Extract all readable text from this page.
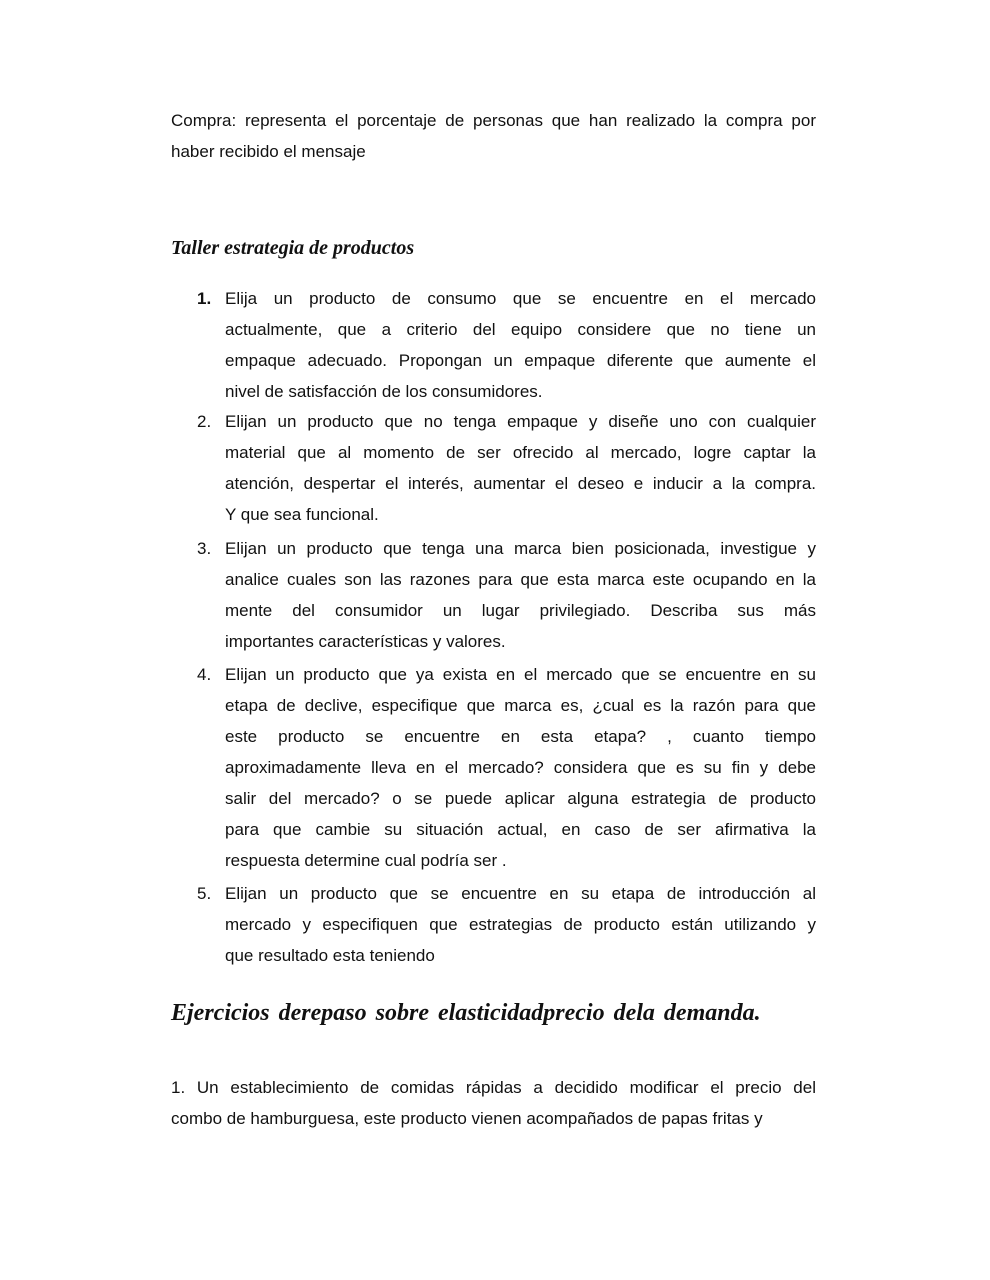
Compra: representa el porcentaje de personas que han realizado la compra por
haber recibido el mensaje
Taller estrategia de productos
1. Elija un producto de consumo que se encuentre en el mercado
actualmente, que a criterio del equipo considere que no tiene un
empaque adecuado. Propongan un empaque diferente que aumente el
nivel de satisfacción de los consumidores.
2. Elijan un producto que no tenga empaque y diseñe uno con cualquier
material que al momento de ser ofrecido al mercado, logre captar la
atención, despertar el interés, aumentar el deseo e inducir a la compra.
Y que sea funcional.
3. Elijan un producto que tenga una marca bien posicionada, investigue y
analice cuales son las razones para que esta marca este ocupando en la
mente del consumidor un lugar privilegiado. Describa sus más
importantes características y valores.
4. Elijan un producto que ya exista en el mercado que se encuentre en su
etapa de declive, especifique que marca es, ¿cual es la razón para que
este producto se encuentre en esta etapa? , cuanto tiempo
aproximadamente lleva en el mercado? considera que es su fin y debe
salir del mercado? o se puede aplicar alguna estrategia de producto
para que cambie su situación actual, en caso de ser afirmativa la
respuesta determine cual podría ser .
5. Elijan un producto que se encuentre en su etapa de introducción al
mercado y especifiquen que estrategias de producto están utilizando y
que resultado esta teniendo
Ejercicios derepaso sobre elasticidadprecio dela demanda.
1. Un establecimiento de comidas rápidas a decidido modificar el precio del
combo de hamburguesa, este producto vienen acompañados de papas fritas y
